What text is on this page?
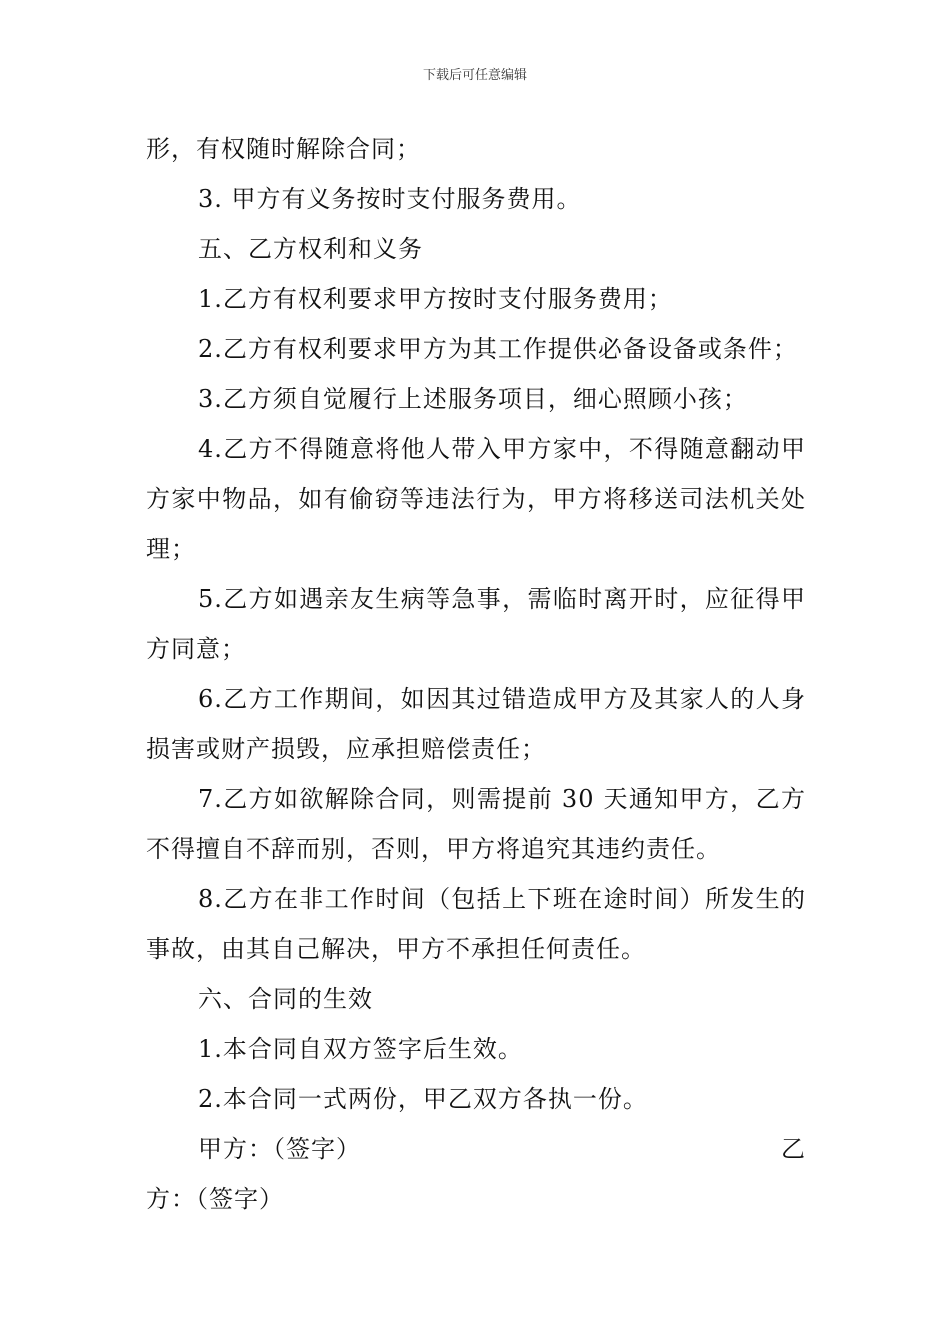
下载后可任意编辑

形，有权随时解除合同；

3. 甲方有义务按时支付服务费用。

五、乙方权利和义务

1.乙方有权利要求甲方按时支付服务费用；

2.乙方有权利要求甲方为其工作提供必备设备或条件；

3.乙方须自觉履行上述服务项目，细心照顾小孩；

4.乙方不得随意将他人带入甲方家中，不得随意翻动甲方家中物品，如有偷窃等违法行为，甲方将移送司法机关处理；

5.乙方如遇亲友生病等急事，需临时离开时，应征得甲方同意；

6.乙方工作期间，如因其过错造成甲方及其家人的人身损害或财产损毁，应承担赔偿责任；

7.乙方如欲解除合同，则需提前 30 天通知甲方，乙方不得擅自不辞而别，否则，甲方将追究其违约责任。

8.乙方在非工作时间（包括上下班在途时间）所发生的事故，由其自己解决，甲方不承担任何责任。

六、合同的生效

1.本合同自双方签字后生效。

2.本合同一式两份，甲乙双方各执一份。

甲方：（签字）	乙

方：（签字）
